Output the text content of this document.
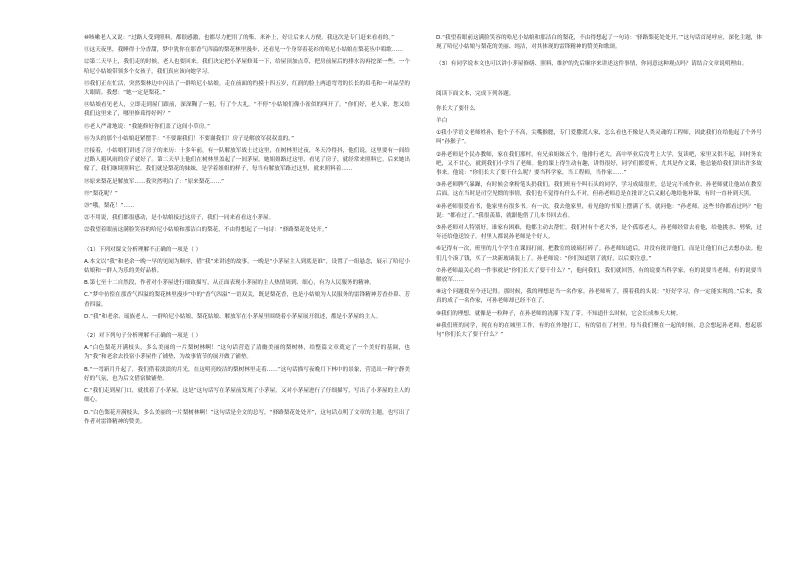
⑩咳嗽老人又说：“过路人受到照料，都很感激，也都尽力把用了的柴、米补上，好让后来人方便。我这次是专门赶来看看的。”

⑪这天夜里，我睡得十分香甜，梦中犹你在那香气四溢的梨花林里漫步，还看见一个身穿着花衫的哈尼小姑娘在梨花丛中唱歌……

⑫第二天早上，我们走的时候，老人也要回来。我们决定把小茅屋修葺一下，给屋顶加点草，把房前屋后的排水沟再挖深一些。一个哈尼小姑娘带领多个女孩子，我们真应该向她学习。

⑬我们正在忙活，突然梨林边中闪出了一群哈尼小姑娘。走在前面的约摸十四五岁，红润的脸上两道弯弯的长长的眉毛和一对晶莹的大眼睛。我想：“她一定是梨花。”

⑭姑娘看见老人，立即走到屋门跟前，深深鞠了一躬，行了个大礼。“不停”小姑娘们像小雀似的叫开了。“你们好，老人家，您又给我们这里来了，哪里修葺得好吗？”

⑮老人严肃地说：“我能修好你们盖了这间小草房。”

⑯为头的那个小姑娘赶紧摆手：“不要谢我们！不要谢我们！房子是解放军叔叔盖的。”

⑰接着，小姑娘们讲述了房子的来历：十多年前，有一队解放军战士过这里，在树林里过夜，冬天冷得抖，他们说，这里要有一间给过路人避风雨的房子就好了。第二天早上他们在树林里盖起了一间茅屋。她姐姐路过这里，看见了房子，就经常来照料它。后来她出嫁了，我们继续照料它。我们就是梨花的妹妹，是学着姐姐的样子，每当有解放军路过这里，就来照料着……

⑱原来梨花是解放军……我突然明白了：“原来梨花……”

⑲“梨花呢？”

⑳“哦，梨花！”……

㉑不用说，我们都很感动，是小姑娘接过这房子，我们一同来看看这小茅屋。

㉒我望着眼前这满脸笑容的哈尼小姑娘和那洁白的梨花，不由得想起了一句诗：“驿路梨花处处开。”

（1）下列对课文分析理解不正确的一项是（ ）

A.本文以“我”和老余一晚一早的见闻为顺序，借“我”来讲述的故事，一晚是“小茅屋主人到底是谁”，设置了一组悬念，展示了哈尼小姑娘和一群人为乐的美好品格。

B.第七至十二自然段，作者对小茅屋进行细致描写，从正面表现小茅屋的主人热情周到、细心，有为人民服务的精神。

C.“梦中彷徨在那香气四溢的梨花林里漫步”中的“香气四溢”一语双关，既是梨花香，也是小姑娘为人民服务的雷锋精神芳香扑鼻、芳香四溢。

D.“我”和老余、瑶族老人、一群哈尼小姑娘、梨花姑娘、解放军在小茅屋里围绕着小茅屋展开叙述，都是小茅屋的主人。

（2）对下列句子分析理解不正确的一项是（ ）

A.“白色梨花开满枝头，多么美丽的一片梨树林啊！”这句话营造了清幽美丽的梨树林，给整篇文章奠定了一个美好的基调，也为“我”和老余去投宿小茅屋作了铺垫，为故事情节的展开做了铺垫。

B.“一弯新月升起了，我们借着淡淡的月光，在这明亮皎洁的梨树林里走着……”这句话描写夜晚月下林中的景象，营造出一种宁静美好的气氛，也为后文借宿做铺垫。

C.“我们走到屋门口，就找着了小茅屋，这是”这句话写在茅屋前发现了小茅屋，又对小茅屋进行了仔细描写，写出了小茅屋的主人的细心。

D.“白色梨花开满枝头，多么美丽的一片梨树林啊！”这句话是全文的总写，“驿路梨花处处开”，这句话点明了文章的主题，也写出了作者对雷锋精神的赞美。

D.“我望着眼前这满脸笑容的哈尼小姑娘和那洁白的梨花，不由得想起了一句诗：‘驿路梨花处处开。’”这句话首尾呼应，深化主题，体现了哈尼小姑娘与梨花的美丽、纯洁，对其体现的雷锋精神的赞美和歌颂。

（3）有同学说本文也可以讲小茅屋修缮、照料、维护的先后顺序来讲述这件事情，你同意这种观点吗？请结合文章说明理由。

阅读下面文本，完成下列各题。

你长大了要什么

羊白

①我小学语文老师姓孙，他个子不高，尖嘴猴腮，专门爱撒谎人家，怎么看也不像是人类灵魂的工程师，因此我们在给他起了个外号叫“孙猴子”。

②孙老师是个民办教师，家在我们那村，有兄弟姐妹五个，他排行老大，高中毕业后没考上大学，复读吧，家里又供不起，回村务农吧，又不甘心，就到我们小学当了老师。他的课上得生动有趣，讲得很好，同学们都爱听，尤其是作文课，他总能给我们讲出许多故事来。他说：“你们长大了要干什么呢？要当科学家，当工程师，当作家……”

③孙老师脾气暴躁，有时候会拿粉笔头扔我们。我们班有个叫石头的同学，学习成绩很差，总是完不成作业，孙老师就让他站在教室后面。这在当时是司空见惯的事情，我们也不觉得有什么不对，但孙老师总是在批评之后又耐心地给他补课，有时一直补到天黑。

④孙老师很爱看书，他家里有很多书。有一次，我去他家里，看见他的书架上摆满了书，就问他：“孙老师，这些书你都看过吗？”他说：“都看过了。”我很羡慕，就跟他借了几本书回去看。

⑤孙老师对人特别好，谁家有困难，他都主动去帮忙。我们村有个老大爷，是个孤寡老人，孙老师经常去看他，给他挑水、劈柴，过年还给他送饺子。村里人都说孙老师是个好人。

⑥记得有一次，班里的几个学生在课间打闹，把教室的玻璃打碎了。孙老师知道后，并没有批评他们，而是让他们自己去想办法。他们几个凑了钱，买了一块新玻璃装上了。孙老师说：“你们知道错了就好，以后要注意。”

⑦孙老师最关心的一件事就是“你们长大了要干什么？”，他问我们，我们就回答，有的说要当科学家，有的说要当老师，有的说要当解放军……

⑧这个问题我至今还记得。那时候，我的理想是当一名作家。孙老师听了，摸着我的头说：“好好学习，你一定能实现的。”后来，我真的成了一名作家，可孙老师却已经不在了。

⑨我们的理想，就像是一粒种子，在孙老师的浇灌下发了芽。不知道什么时候，它会长成参天大树。

⑩我们班的同学，现在有的在城里工作，有的在外地打工，有的留在了村里。每当我们聚在一起的时候，总会想起孙老师，想起那句“你们长大了要干什么？”
